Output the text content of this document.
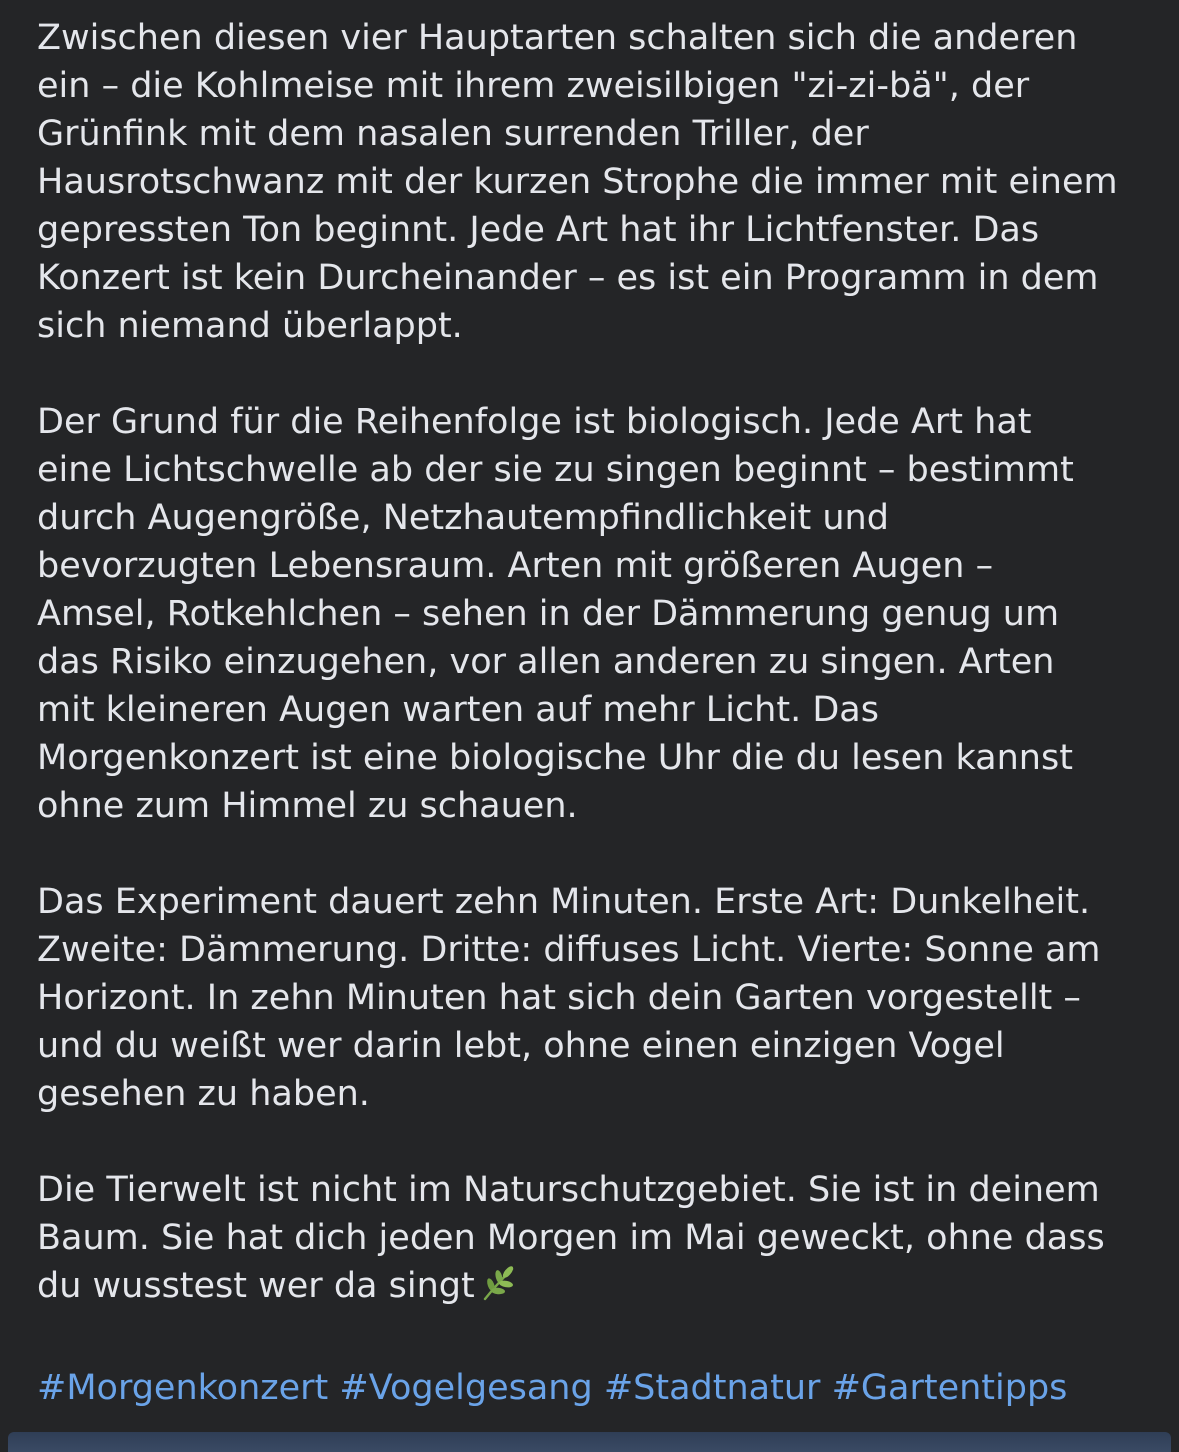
Zwischen diesen vier Hauptarten schalten sich die anderen
ein – die Kohlmeise mit ihrem zweisilbigen "zi-zi-bä", der
Grünfink mit dem nasalen surrenden Triller, der
Hausrotschwanz mit der kurzen Strophe die immer mit einem
gepressten Ton beginnt. Jede Art hat ihr Lichtfenster. Das
Konzert ist kein Durcheinander – es ist ein Programm in dem
sich niemand überlappt.

Der Grund für die Reihenfolge ist biologisch. Jede Art hat
eine Lichtschwelle ab der sie zu singen beginnt – bestimmt
durch Augengröße, Netzhautempfindlichkeit und
bevorzugten Lebensraum. Arten mit größeren Augen –
Amsel, Rotkehlchen – sehen in der Dämmerung genug um
das Risiko einzugehen, vor allen anderen zu singen. Arten
mit kleineren Augen warten auf mehr Licht. Das
Morgenkonzert ist eine biologische Uhr die du lesen kannst
ohne zum Himmel zu schauen.

Das Experiment dauert zehn Minuten. Erste Art: Dunkelheit.
Zweite: Dämmerung. Dritte: diffuses Licht. Vierte: Sonne am
Horizont. In zehn Minuten hat sich dein Garten vorgestellt –
und du weißt wer darin lebt, ohne einen einzigen Vogel
gesehen zu haben.

Die Tierwelt ist nicht im Naturschutzgebiet. Sie ist in deinem
Baum. Sie hat dich jeden Morgen im Mai geweckt, ohne dass
du wusstest wer da singt

#Morgenkonzert #Vogelgesang #Stadtnatur #Gartentipps
